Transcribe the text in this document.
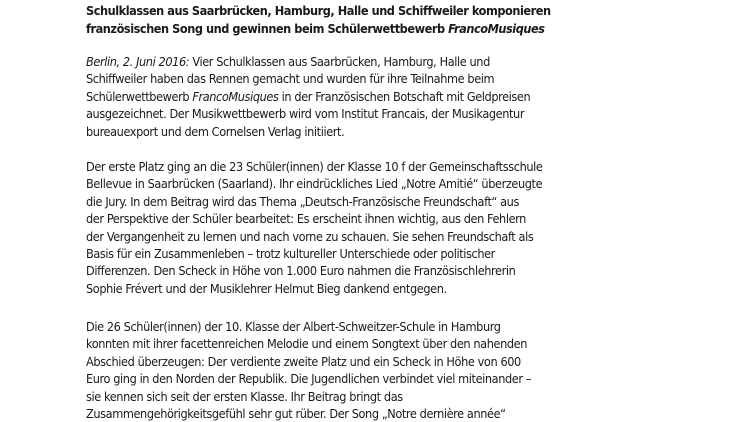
Schulklassen aus Saarbrücken, Hamburg, Halle und Schiffweiler komponieren
französischen Song und gewinnen beim Schülerwettbewerb FrancoMusiques
Berlin, 2. Juni 2016: Vier Schulklassen aus Saarbrücken, Hamburg, Halle und
Schiffweiler haben das Rennen gemacht und wurden für ihre Teilnahme beim
Schülerwettbewerb FrancoMusiques in der Französischen Botschaft mit Geldpreisen
ausgezeichnet. Der Musikwettbewerb wird vom Institut Francais, der Musikagentur
bureauexport und dem Cornelsen Verlag initiiert.
Der erste Platz ging an die 23 Schüler(innen) der Klasse 10 f der Gemeinschaftsschule
Bellevue in Saarbrücken (Saarland). Ihr eindrückliches Lied „Notre Amitié“ überzeugte
die Jury. In dem Beitrag wird das Thema „Deutsch-Französische Freundschaft“ aus
der Perspektive der Schüler bearbeitet: Es erscheint ihnen wichtig, aus den Fehlern
der Vergangenheit zu lernen und nach vorne zu schauen. Sie sehen Freundschaft als
Basis für ein Zusammenleben – trotz kultureller Unterschiede oder politischer
Differenzen. Den Scheck in Höhe von 1.000 Euro nahmen die Französischlehrerin
Sophie Frévert und der Musiklehrer Helmut Bieg dankend entgegen.
Die 26 Schüler(innen) der 10. Klasse der Albert-Schweitzer-Schule in Hamburg
konnten mit ihrer facettenreichen Melodie und einem Songtext über den nahenden
Abschied überzeugen: Der verdiente zweite Platz und ein Scheck in Höhe von 600
Euro ging in den Norden der Republik. Die Jugendlichen verbindet viel miteinander –
sie kennen sich seit der ersten Klasse. Ihr Beitrag bringt das
Zusammengehörigkeitsgefühl sehr gut rüber. Der Song „Notre dernière année“
